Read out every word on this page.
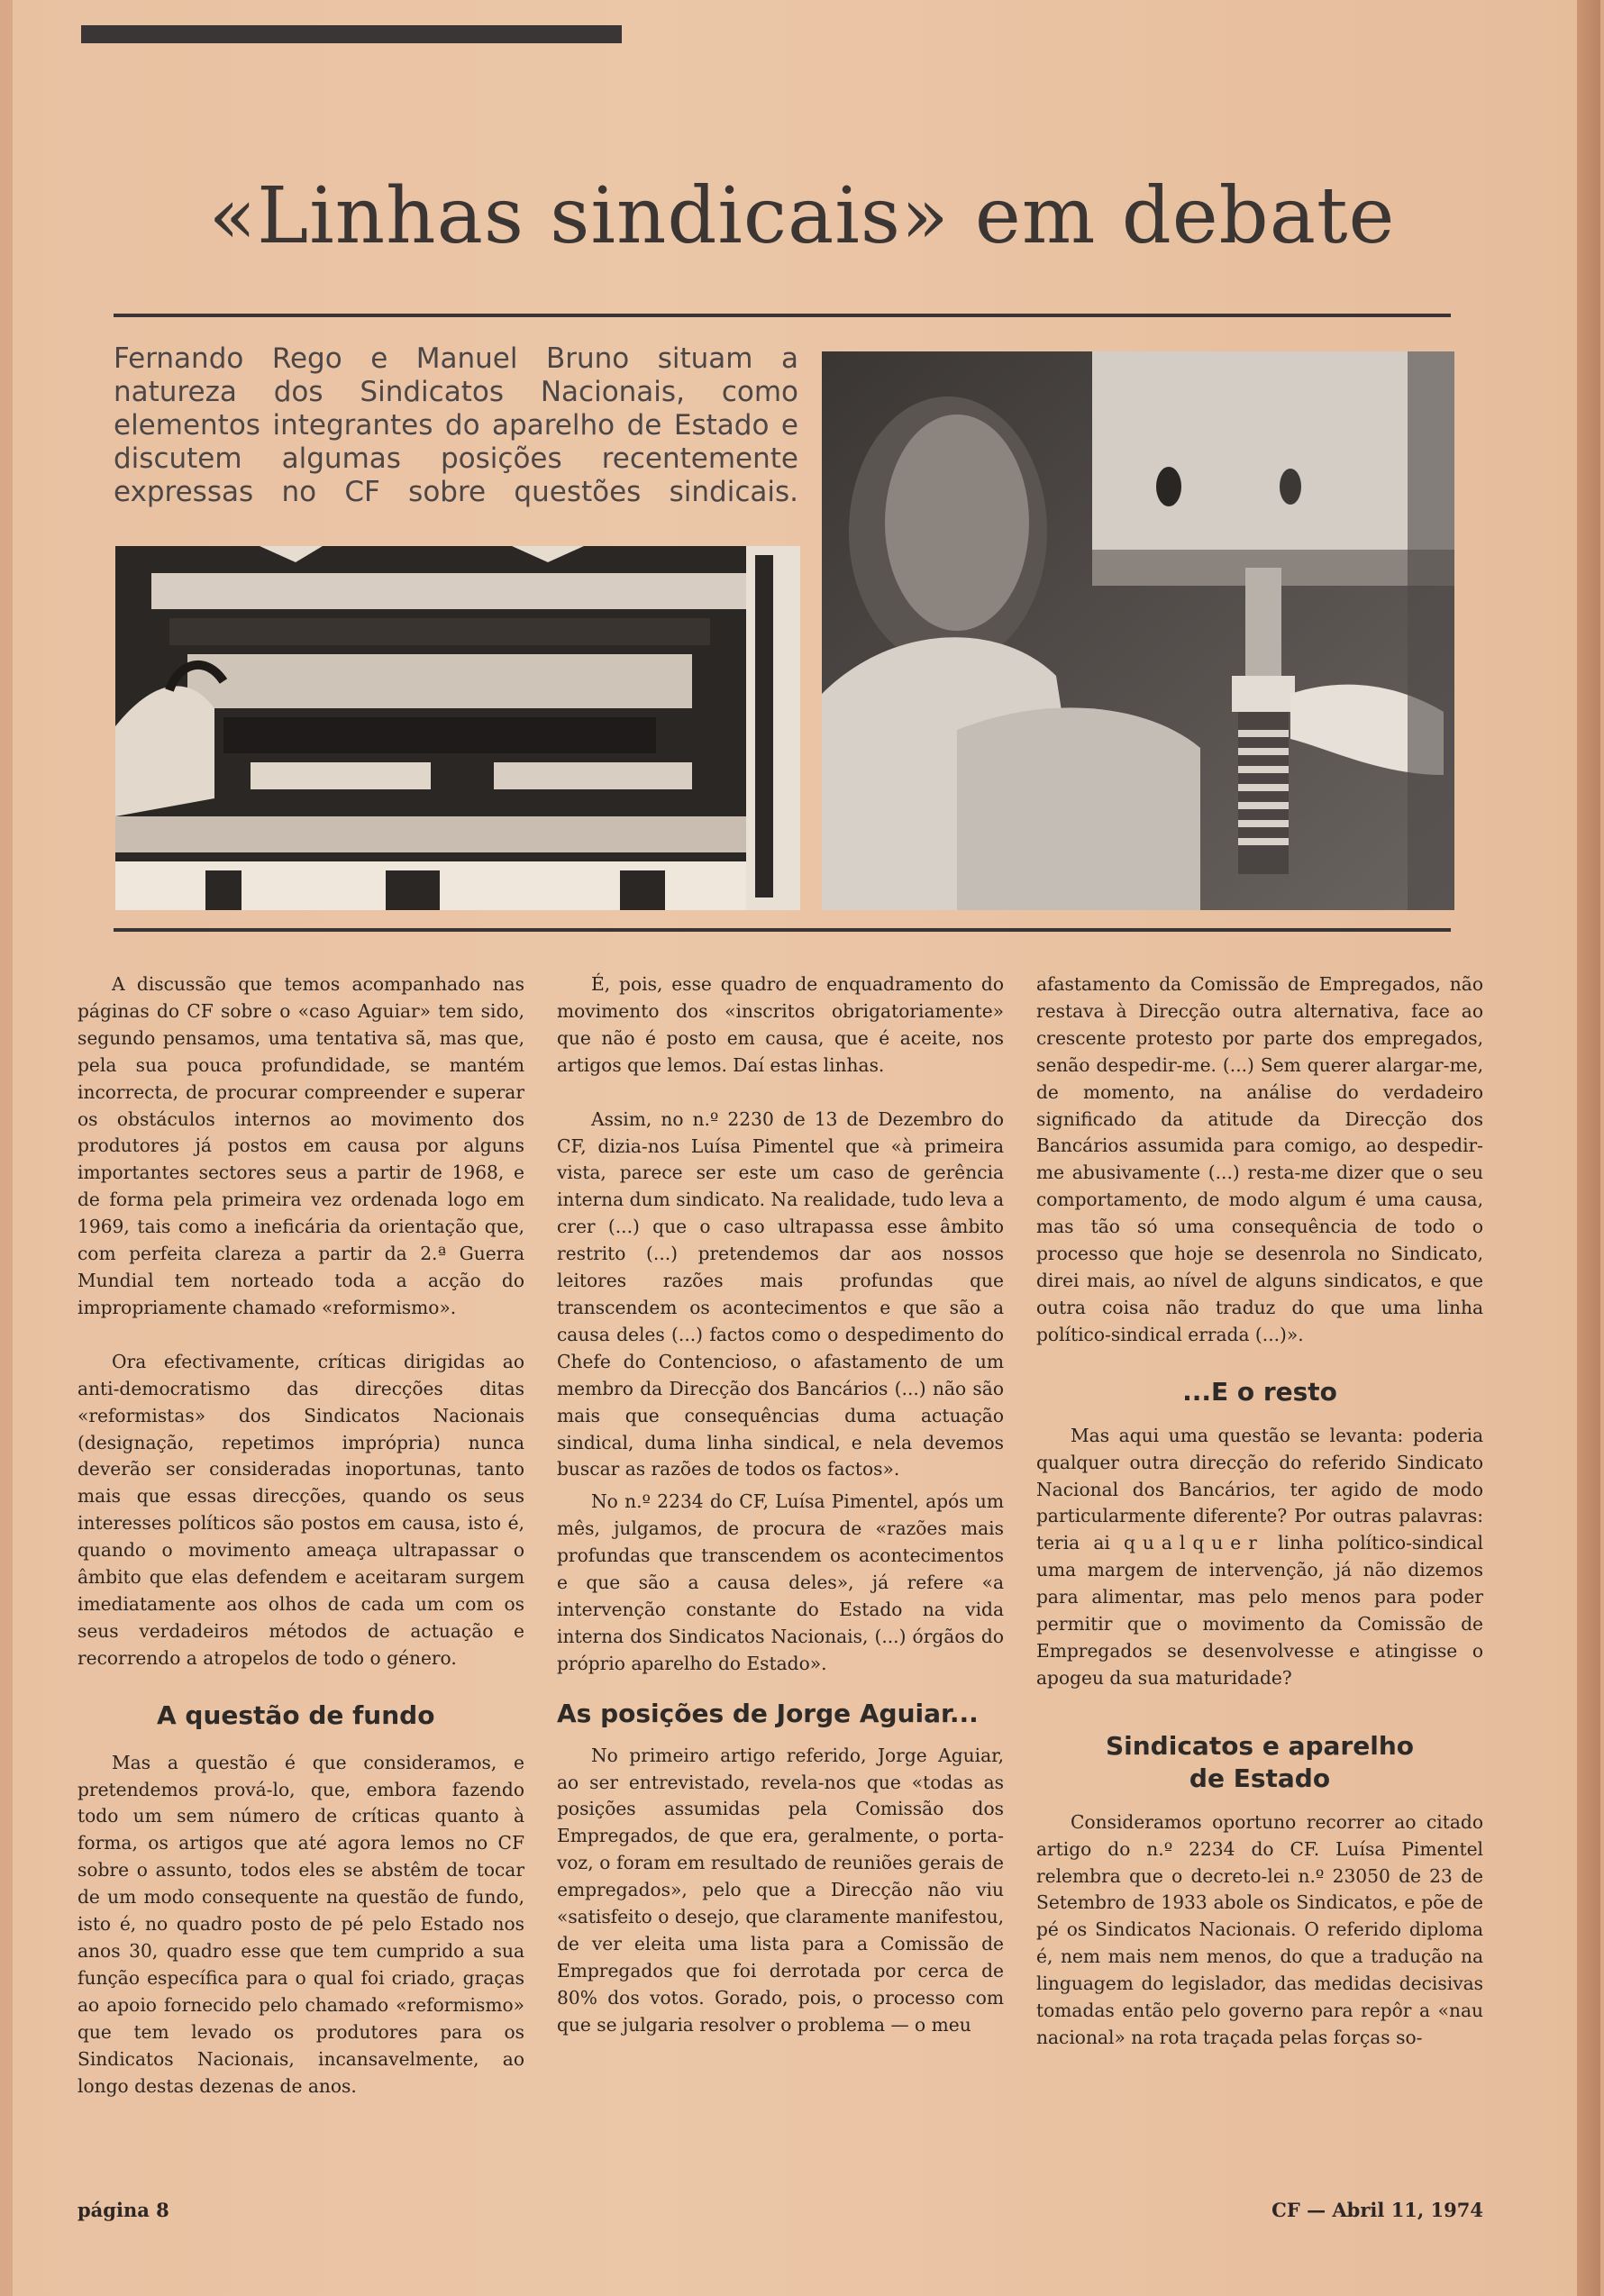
«Linhas sindicais» em debate
Fernando Rego e Manuel Bruno situam a natureza dos Sindicatos Nacionais, como elementos integrantes do aparelho de Estado e discutem algumas posições recentemente expressas no CF sobre questões sindicais.

A discussão que temos acompanhado nas páginas do CF sobre o «caso Aguiar» tem sido, segundo pensamos, uma tentativa sã, mas que, pela sua pouca profundidade, se mantém incorrecta, de procurar compreender e superar os obstáculos internos ao movimento dos produtores já postos em causa por alguns importantes sectores seus a partir de 1968, e de forma pela primeira vez ordenada logo em 1969, tais como a ineficária da orientação que, com perfeita clareza a partir da 2.ª Guerra Mundial tem norteado toda a acção do impropriamente chamado «reformismo».

Ora efectivamente, críticas dirigidas ao anti-democratismo das direcções ditas «reformistas» dos Sindicatos Nacionais (designação, repetimos imprópria) nunca deverão ser consideradas inoportunas, tanto mais que essas direcções, quando os seus interesses políticos são postos em causa, isto é, quando o movimento ameaça ultrapassar o âmbito que elas defendem e aceitaram surgem imediatamente aos olhos de cada um com os seus verdadeiros métodos de actuação e recorrendo a atropelos de todo o género.

A questão de fundo

Mas a questão é que consideramos, e pretendemos prová-lo, que, embora fazendo todo um sem número de críticas quanto à forma, os artigos que até agora lemos no CF sobre o assunto, todos eles se abstêm de tocar de um modo consequente na questão de fundo, isto é, no quadro posto de pé pelo Estado nos anos 30, quadro esse que tem cumprido a sua função específica para o qual foi criado, graças ao apoio fornecido pelo chamado «reformismo» que tem levado os produtores para os Sindicatos Nacionais, incansavelmente, ao longo destas dezenas de anos.

É, pois, esse quadro de enquadramento do movimento dos «inscritos obrigatoriamente» que não é posto em causa, que é aceite, nos artigos que lemos. Daí estas linhas.

Assim, no n.º 2230 de 13 de Dezembro do CF, dizia-nos Luísa Pimentel que «à primeira vista, parece ser este um caso de gerência interna dum sindicato. Na realidade, tudo leva a crer (...) que o caso ultrapassa esse âmbito restrito (...) pretendemos dar aos nossos leitores razões mais profundas que transcendem os acontecimentos e que são a causa deles (...) factos como o despedimento do Chefe do Contencioso, o afastamento de um membro da Direcção dos Bancários (...) não são mais que consequências duma actuação sindical, duma linha sindical, e nela devemos buscar as razões de todos os factos».

No n.º 2234 do CF, Luísa Pimentel, após um mês, julgamos, de procura de «razões mais profundas que transcendem os acontecimentos e que são a causa deles», já refere «a intervenção constante do Estado na vida interna dos Sindicatos Nacionais, (...) órgãos do próprio aparelho do Estado».

As posições de Jorge Aguiar...

No primeiro artigo referido, Jorge Aguiar, ao ser entrevistado, revela-nos que «todas as posições assumidas pela Comissão dos Empregados, de que era, geralmente, o porta-voz, o foram em resultado de reuniões gerais de empregados», pelo que a Direcção não viu «satisfeito o desejo, que claramente manifestou, de ver eleita uma lista para a Comissão de Empregados que foi derrotada por cerca de 80% dos votos. Gorado, pois, o processo com que se julgaria resolver o problema — o meu

afastamento da Comissão de Empregados, não restava à Direcção outra alternativa, face ao crescente protesto por parte dos empregados, senão despedir-me. (...) Sem querer alargar-me, de momento, na análise do verdadeiro significado da atitude da Direcção dos Bancários assumida para comigo, ao despedir-me abusivamente (...) resta-me dizer que o seu comportamento, de modo algum é uma causa, mas tão só uma consequência de todo o processo que hoje se desenrola no Sindicato, direi mais, ao nível de alguns sindicatos, e que outra coisa não traduz do que uma linha político-sindical errada (...)».

...E o resto

Mas aqui uma questão se levanta: poderia qualquer outra direcção do referido Sindicato Nacional dos Bancários, ter agido de modo particularmente diferente? Por outras palavras: teria ai qualquer linha político-sindical uma margem de intervenção, já não dizemos para alimentar, mas pelo menos para poder permitir que o movimento da Comissão de Empregados se desenvolvesse e atingisse o apogeu da sua maturidade?

Sindicatos e aparelho
de Estado

Consideramos oportuno recorrer ao citado artigo do n.º 2234 do CF. Luísa Pimentel relembra que o decreto-lei n.º 23050 de 23 de Setembro de 1933 abole os Sindicatos, e põe de pé os Sindicatos Nacionais. O referido diploma é, nem mais nem menos, do que a tradução na linguagem do legislador, das medidas decisivas tomadas então pelo governo para repôr a «nau nacional» na rota traçada pelas forças so-

página 8	CF — Abril 11, 1974
